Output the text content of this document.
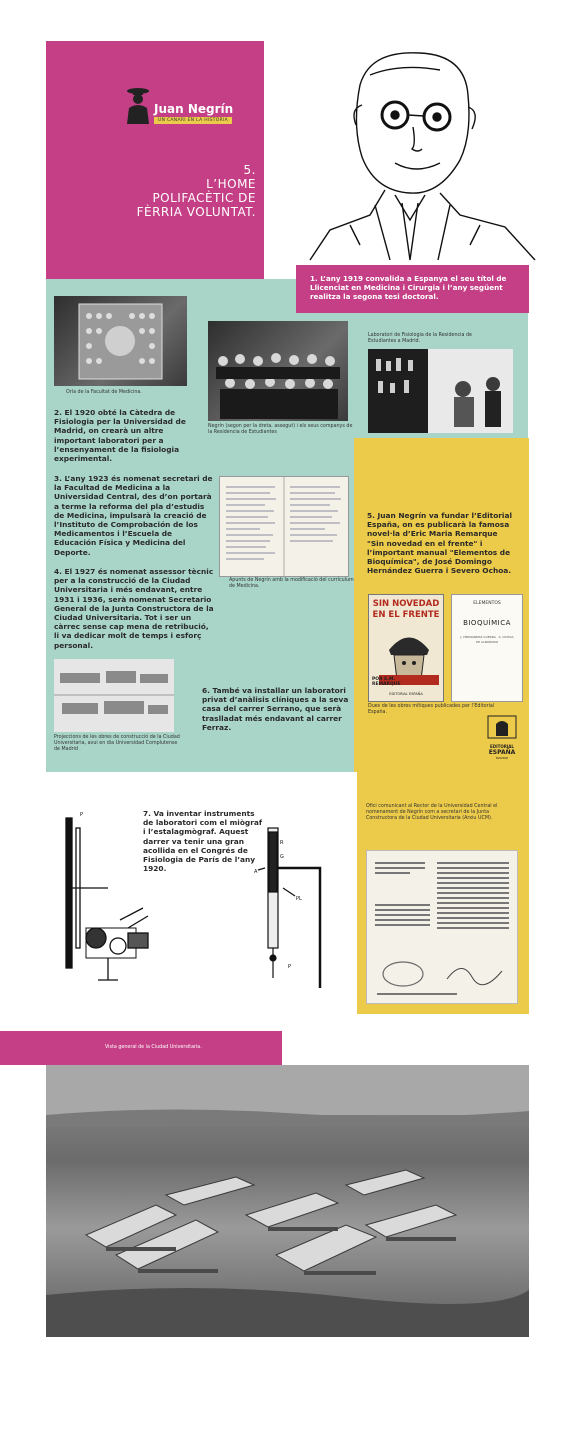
Juan Negrín
UN CANARI EN LA HISTÒRIA
5.
L’HOME
POLIFACÈTIC DE
FÈRRIA VOLUNTAT.
1. L’any 1919 convalida a Espanya el seu títol de Llicenciat en Medicina i Cirurgia i l’any següent realitza la segona tesi doctoral.
Orla de la Facultat de Medicina.
Negrín (segon per la dreta, assegut) i els seus companys de la Residencia de Estudiantes
Laboratori de Fisiologia de la Residencia de Estudiantes a Madrid.
2. El 1920 obté la Càtedra de Fisiologia per la Universidad de Madrid, on crearà un altre important laboratori per a l’ensenyament de la fisiologia experimental.
3. L’any 1923 és nomenat secretari de la Facultad de Medicina a la Universidad Central, des d’on portarà a terme la reforma del pla d’estudis de Medicina, impulsarà la creació de l’Instituto de Comprobación de los Medicamentos i l’Escuela de Educación Física y Medicina del Deporte.
4. El 1927 és nomenat assessor tècnic per a la construcció de la Ciudad Universitaria i més endavant, entre 1931 i 1936, serà nomenat Secretario General de la Junta Constructora de la Ciudad Universitaria. Tot i ser un càrrec sense cap mena de retribució, li va dedicar molt de temps i esforç personal.
Apunts de Negrín amb la modificació del currículum de Medicina.
5. Juan Negrín va fundar l’Editorial España, on es publicarà la famosa novel·la d’Eric Maria Remarque "Sin novedad en el frente" i l’important manual "Elementos de Bioquímica", de José Domingo Hernández Guerra i Severo Ochoa.
SIN NOVEDAD
EN EL FRENTE
POR E.M. REMARQUE
EDITORIAL ESPAÑA
ELEMENTOS
BIOQUÍMICA
J. HERNÁNDEZ GUERRA · S. OCHOA DE ALBORNOZ
Dues de les obres mítiques publicades per l’Editorial España.
EDITORIAL
ESPAÑA
MADRID
Projeccions de les obres de construcció de la Ciudad Universitaria, avui en dia Universidad Complutense de Madrid
6. També va installar un laboratori privat d’anàlisis clíniques a la seva casa del carrer Serrano, que serà traslladat més endavant al carrer Ferraz.
P
R
G
A
PL
P
7. Va inventar instruments de laboratori com el miògraf i l’estalagmògraf. Aquest darrer va tenir una gran acollida en el Congrés de Fisiologia de París de l’any 1920.
Ofici comunicant al Rector de la Universidad Central el nomenament de Negrín com a secretari de la Junta Constructora de la Ciudad Universitaria (Arxiu UCM).
Vista general de la Ciudad Universitaria.
